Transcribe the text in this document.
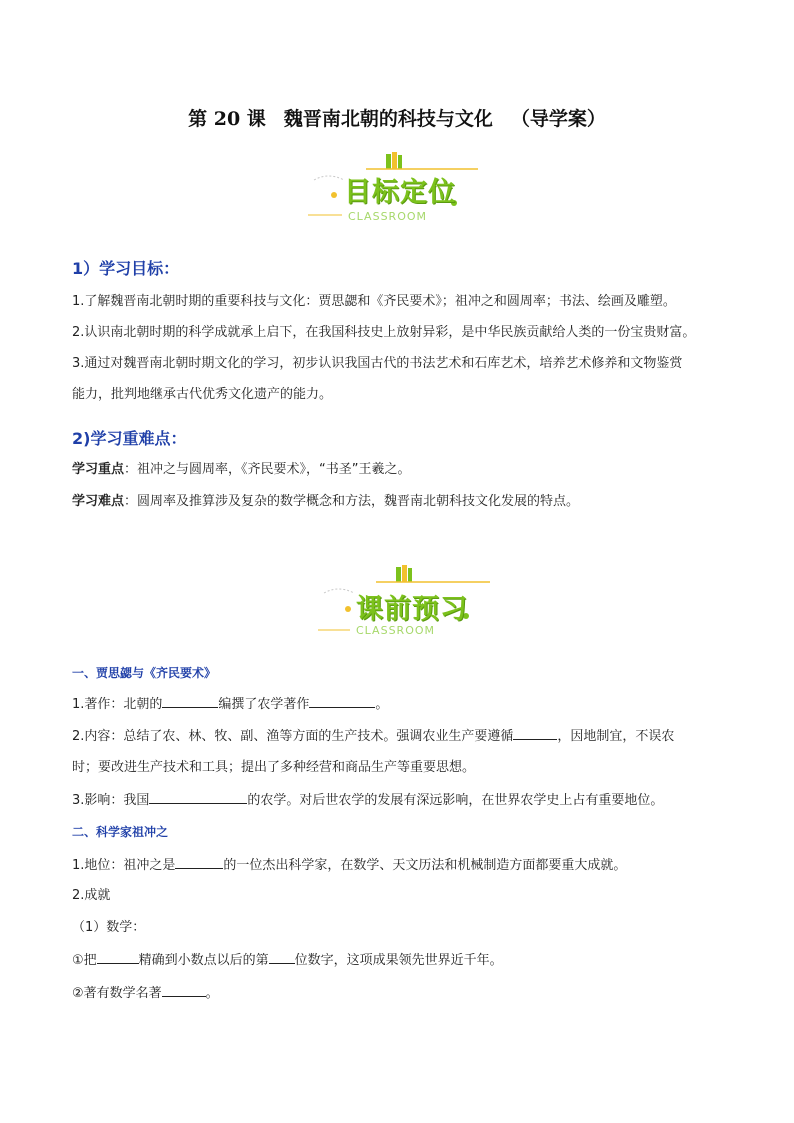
第 20 课 魏晋南北朝的科技与文化 （导学案）
目标定位
CLASSROOM
1）学习目标：
1.了解魏晋南北朝时期的重要科技与文化：贾思勰和《齐民要术》；祖冲之和圆周率；书法、绘画及雕塑。
2.认识南北朝时期的科学成就承上启下，在我国科技史上放射异彩，是中华民族贡献给人类的一份宝贵财富。
3.通过对魏晋南北朝时期文化的学习，初步认识我国古代的书法艺术和石库艺术，培养艺术修养和文物鉴赏
能力，批判地继承古代优秀文化遗产的能力。
2)学习重难点：
学习重点：祖冲之与圆周率，《齐民要术》，“书圣”王羲之。
学习难点：圆周率及推算涉及复杂的数学概念和方法，魏晋南北朝科技文化发展的特点。
课前预习
CLASSROOM
一、贾思勰与《齐民要术》
1.著作：北朝的	编撰了农学著作	。
2.内容：总结了农、林、牧、副、渔等方面的生产技术。强调农业生产要遵循	，因地制宜，不误农
时；要改进生产技术和工具；提出了多种经营和商品生产等重要思想。
3.影响：我国	的农学。对后世农学的发展有深远影响，在世界农学史上占有重要地位。
二、科学家祖冲之
1.地位：祖冲之是	的一位杰出科学家，在数学、天文历法和机械制造方面都要重大成就。
2.成就
（1）数学：
①把	精确到小数点以后的第 位数字，这项成果领先世界近千年。
②著有数学名著	。
